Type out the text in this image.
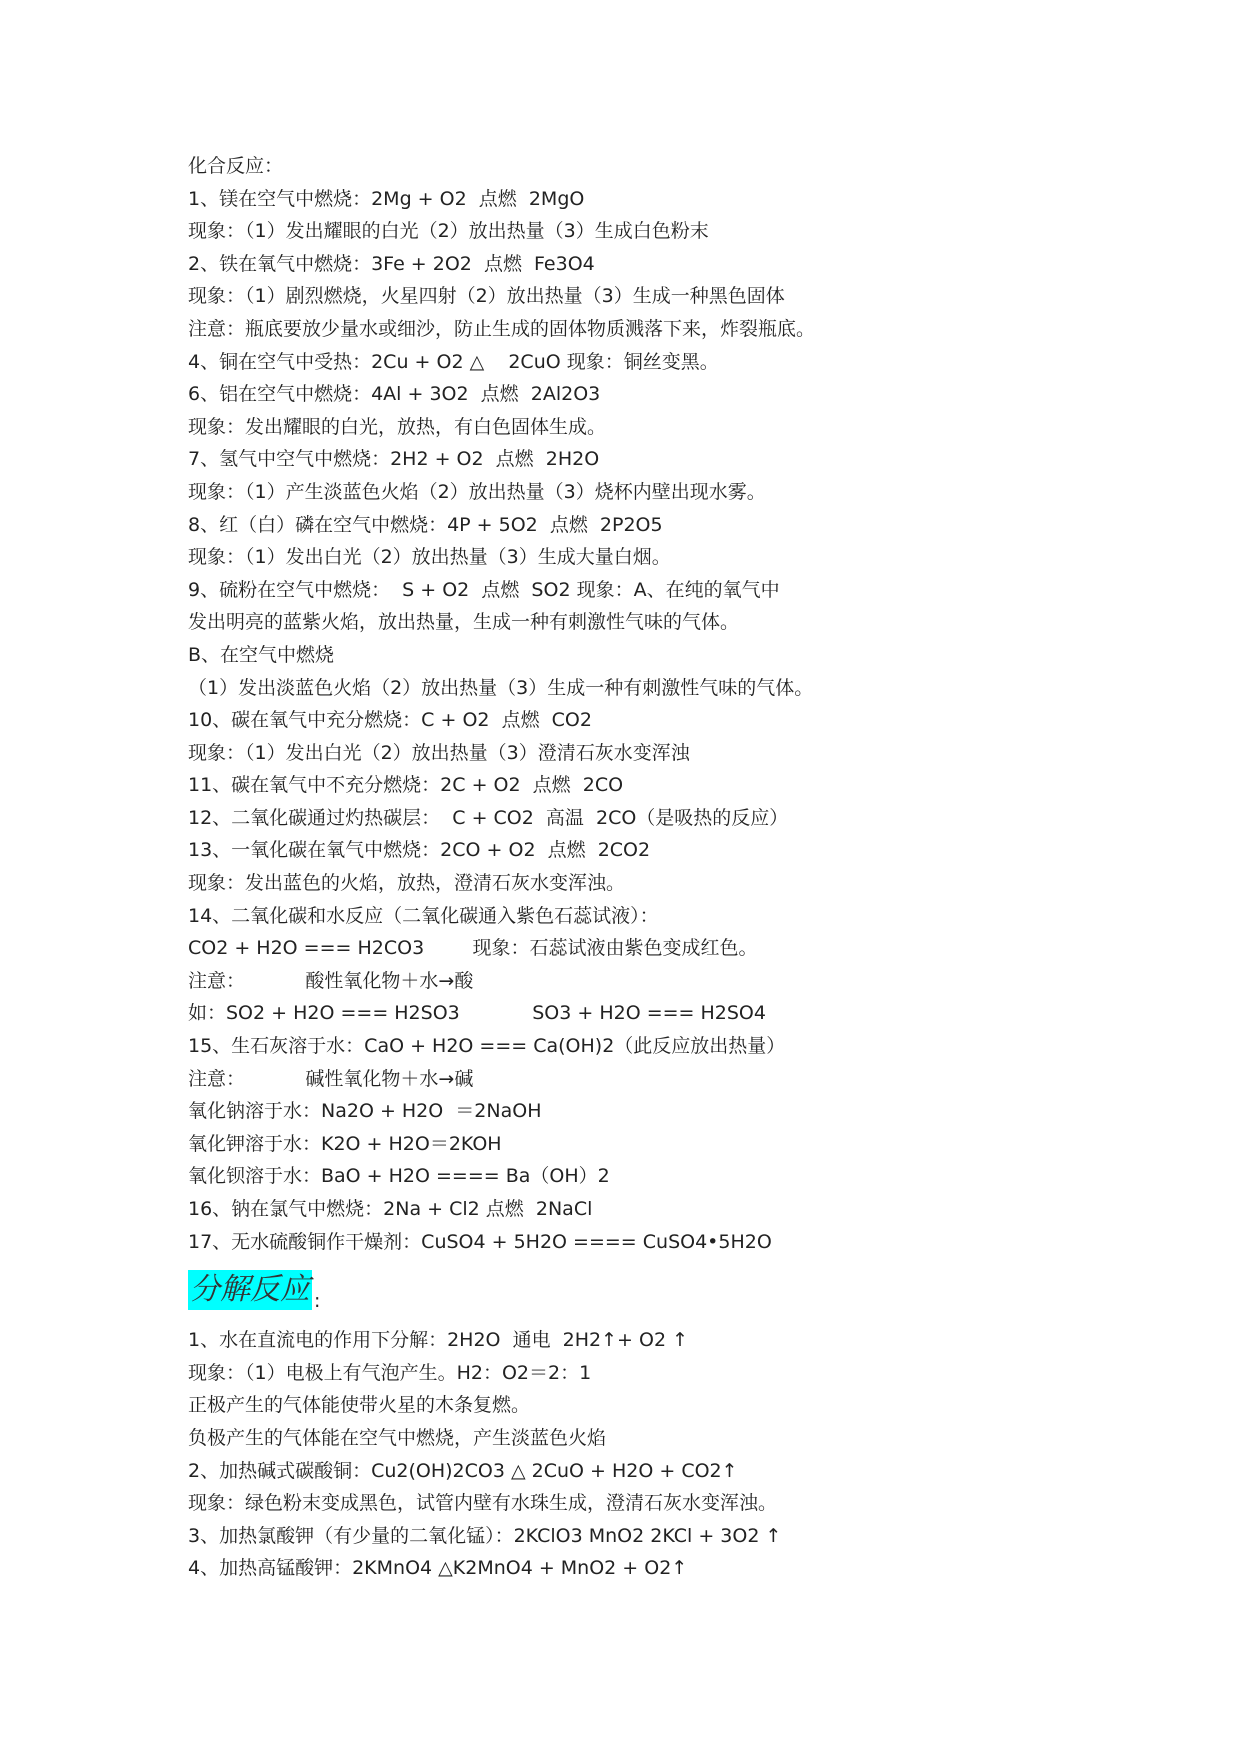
化合反应：
1、镁在空气中燃烧：2Mg + O2  点燃  2MgO
现象：（1）发出耀眼的白光（2）放出热量（3）生成白色粉末
2、铁在氧气中燃烧：3Fe + 2O2  点燃  Fe3O4
现象：（1）剧烈燃烧，火星四射（2）放出热量（3）生成一种黑色固体
注意：瓶底要放少量水或细沙，防止生成的固体物质溅落下来，炸裂瓶底。
4、铜在空气中受热：2Cu + O2 △    2CuO 现象：铜丝变黑。
6、铝在空气中燃烧：4Al + 3O2  点燃  2Al2O3
现象：发出耀眼的白光，放热，有白色固体生成。
7、氢气中空气中燃烧：2H2 + O2  点燃  2H2O
现象：（1）产生淡蓝色火焰（2）放出热量（3）烧杯内壁出现水雾。
8、红（白）磷在空气中燃烧：4P + 5O2  点燃  2P2O5
现象：（1）发出白光（2）放出热量（3）生成大量白烟。
9、硫粉在空气中燃烧：  S + O2  点燃  SO2 现象：A、在纯的氧气中
发出明亮的蓝紫火焰，放出热量，生成一种有刺激性气味的气体。
B、在空气中燃烧
（1）发出淡蓝色火焰（2）放出热量（3）生成一种有刺激性气味的气体。
10、碳在氧气中充分燃烧：C + O2  点燃  CO2
现象：（1）发出白光（2）放出热量（3）澄清石灰水变浑浊
11、碳在氧气中不充分燃烧：2C + O2  点燃  2CO
12、二氧化碳通过灼热碳层：  C + CO2  高温  2CO（是吸热的反应）
13、一氧化碳在氧气中燃烧：2CO + O2  点燃  2CO2
现象：发出蓝色的火焰，放热，澄清石灰水变浑浊。
14、二氧化碳和水反应（二氧化碳通入紫色石蕊试液）：
CO2 + H2O === H2CO3        现象：石蕊试液由紫色变成红色。
注意：          酸性氧化物＋水→酸
如：SO2 + H2O === H2SO3            SO3 + H2O === H2SO4
15、生石灰溶于水：CaO + H2O === Ca(OH)2（此反应放出热量）
注意：          碱性氧化物＋水→碱
氧化钠溶于水：Na2O + H2O  ＝2NaOH
氧化钾溶于水：K2O + H2O＝2KOH
氧化钡溶于水：BaO + H2O ==== Ba（OH）2
16、钠在氯气中燃烧：2Na + Cl2 点燃  2NaCl
17、无水硫酸铜作干燥剂：CuSO4 + 5H2O ==== CuSO4•5H2O
分解反应 :
1、水在直流电的作用下分解：2H2O  通电  2H2↑+ O2 ↑
现象：（1）电极上有气泡产生。H2：O2＝2：1
正极产生的气体能使带火星的木条复燃。
负极产生的气体能在空气中燃烧，产生淡蓝色火焰
2、加热碱式碳酸铜：Cu2(OH)2CO3 △ 2CuO + H2O + CO2↑
现象：绿色粉末变成黑色，试管内壁有水珠生成，澄清石灰水变浑浊。
3、加热氯酸钾（有少量的二氧化锰）：2KClO3 MnO2 2KCl + 3O2 ↑
4、加热高锰酸钾：2KMnO4 △K2MnO4 + MnO2 + O2↑
